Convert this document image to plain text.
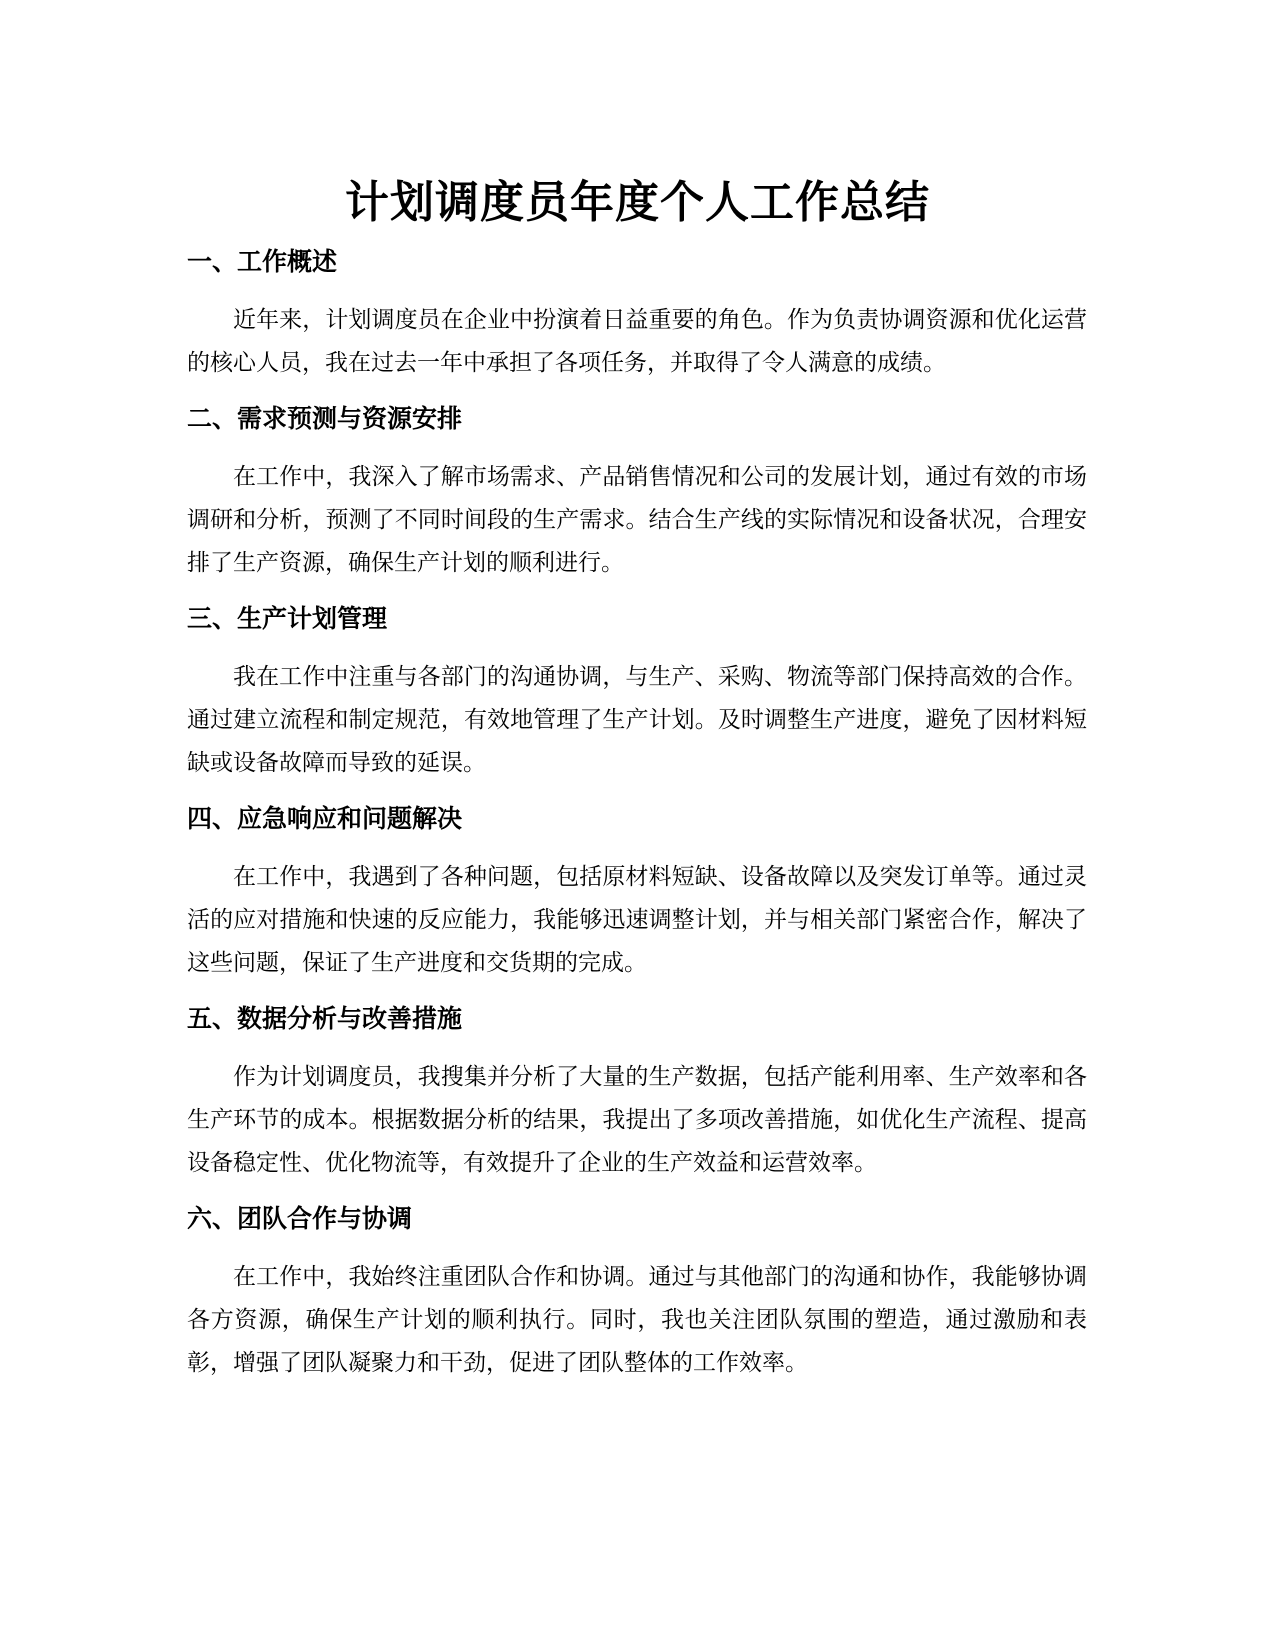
计划调度员年度个人工作总结
一、工作概述

近年来，计划调度员在企业中扮演着日益重要的角色。作为负责协调资源和优化运营的核心人员，我在过去一年中承担了各项任务，并取得了令人满意的成绩。

二、需求预测与资源安排

在工作中，我深入了解市场需求、产品销售情况和公司的发展计划，通过有效的市场调研和分析，预测了不同时间段的生产需求。结合生产线的实际情况和设备状况，合理安排了生产资源，确保生产计划的顺利进行。

三、生产计划管理

我在工作中注重与各部门的沟通协调，与生产、采购、物流等部门保持高效的合作。通过建立流程和制定规范，有效地管理了生产计划。及时调整生产进度，避免了因材料短缺或设备故障而导致的延误。

四、应急响应和问题解决

在工作中，我遇到了各种问题，包括原材料短缺、设备故障以及突发订单等。通过灵活的应对措施和快速的反应能力，我能够迅速调整计划，并与相关部门紧密合作，解决了这些问题，保证了生产进度和交货期的完成。

五、数据分析与改善措施

作为计划调度员，我搜集并分析了大量的生产数据，包括产能利用率、生产效率和各生产环节的成本。根据数据分析的结果，我提出了多项改善措施，如优化生产流程、提高设备稳定性、优化物流等，有效提升了企业的生产效益和运营效率。

六、团队合作与协调

在工作中，我始终注重团队合作和协调。通过与其他部门的沟通和协作，我能够协调各方资源，确保生产计划的顺利执行。同时，我也关注团队氛围的塑造，通过激励和表彰，增强了团队凝聚力和干劲，促进了团队整体的工作效率。
